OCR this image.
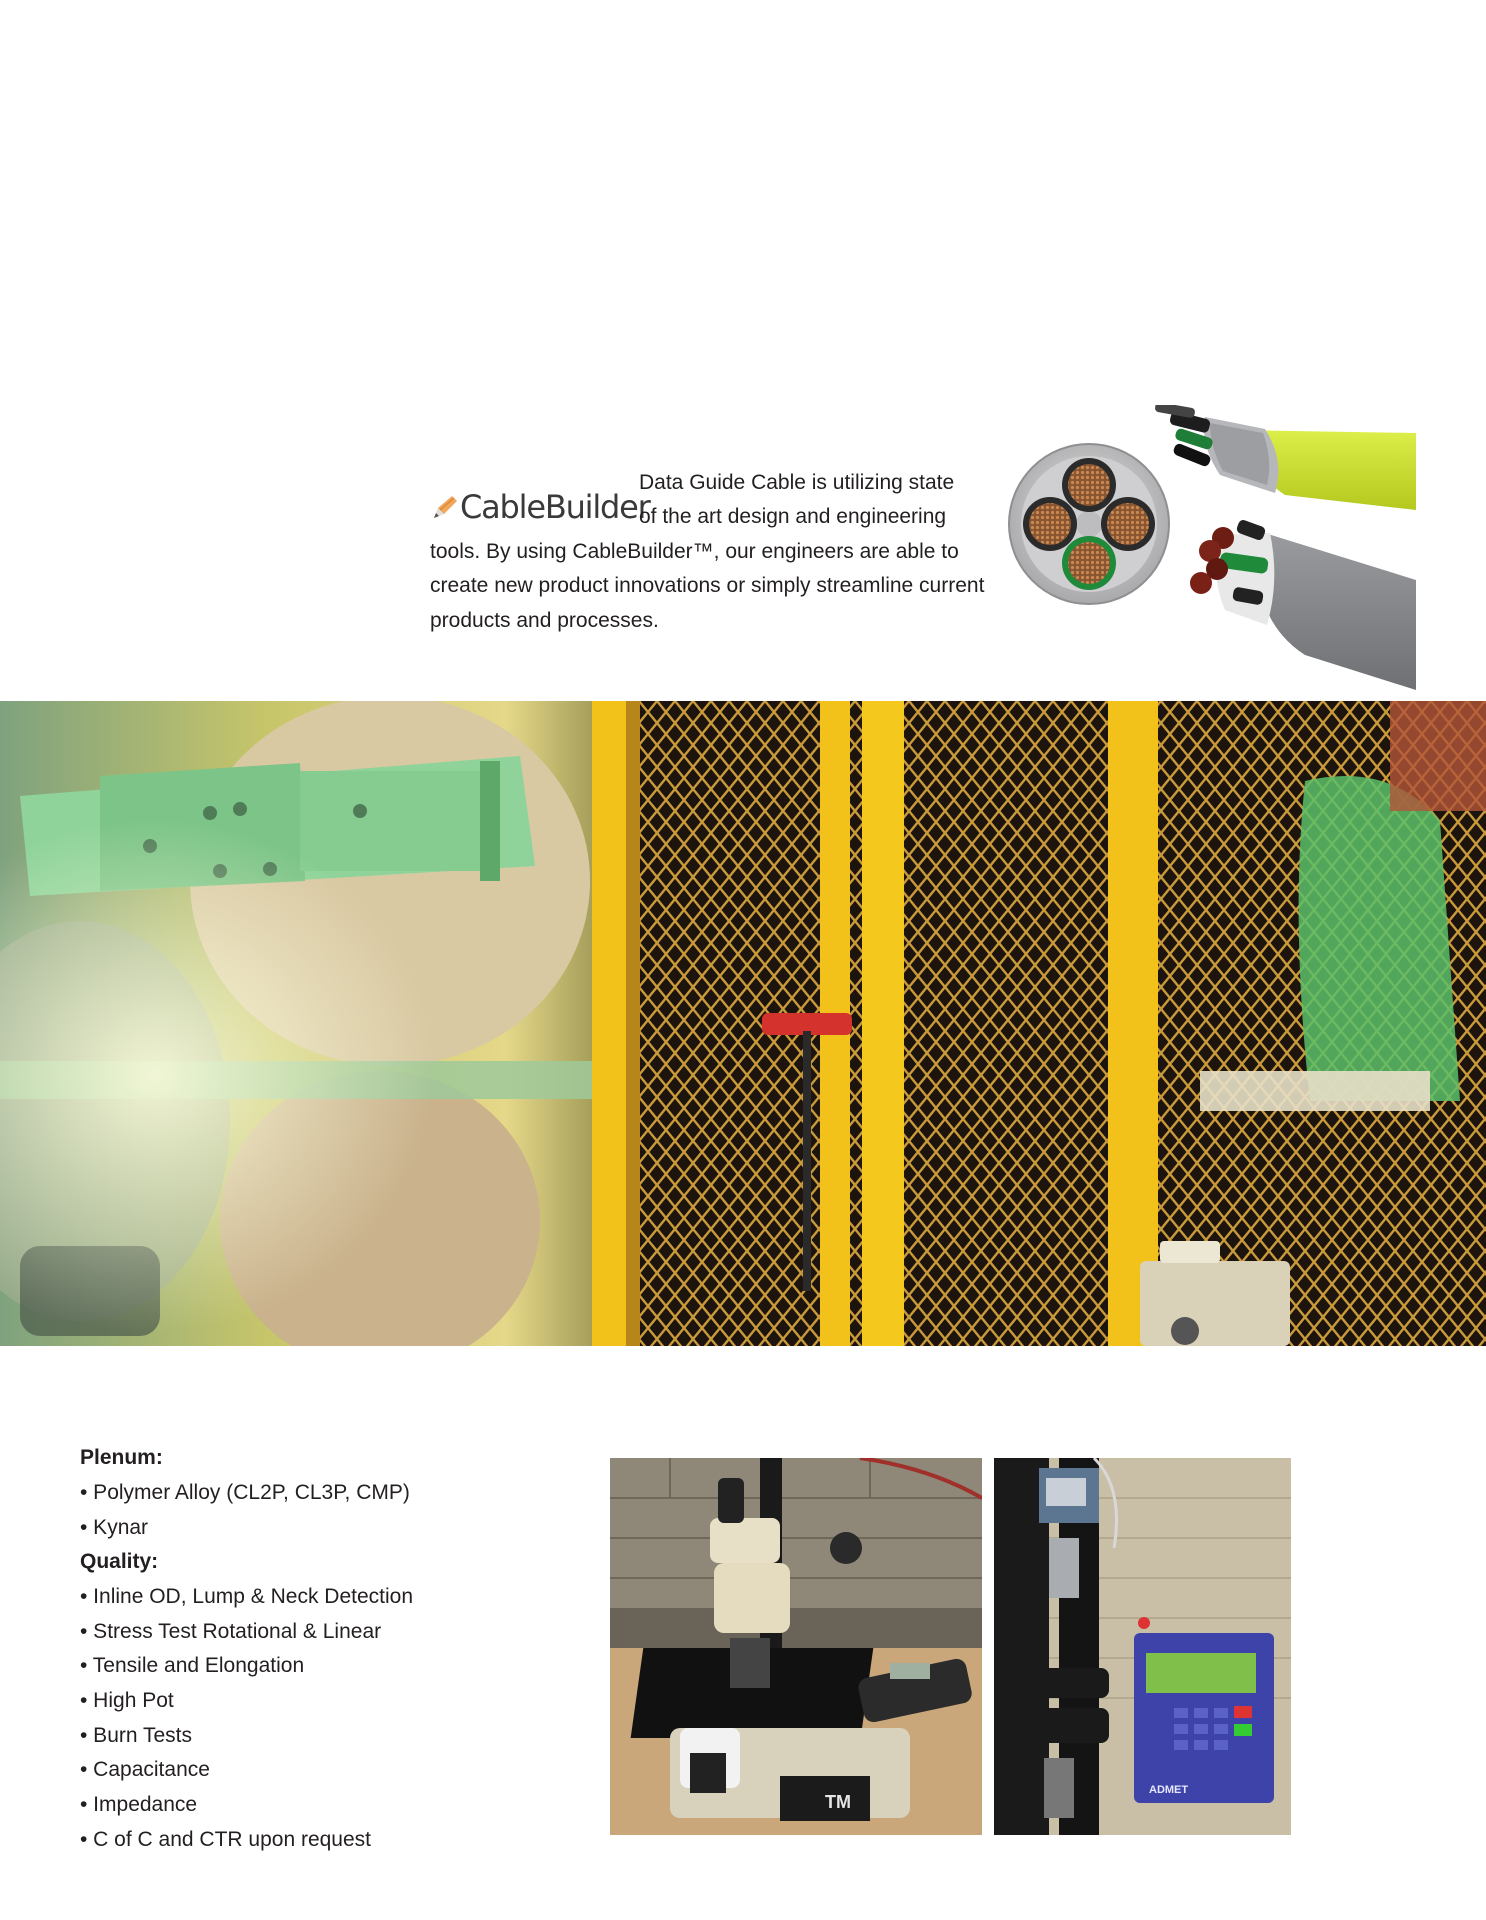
CableBuilder
Data Guide Cable is utilizing state
of the art design and engineering
tools. By using CableBuilder™, our engineers are able to
create new product innovations or simply streamline current
products and processes.
Plenum:
• Polymer Alloy (CL2P, CL3P, CMP)
• Kynar
Quality:
• Inline OD, Lump & Neck Detection
• Stress Test Rotational & Linear
• Tensile and Elongation
• High Pot
• Burn Tests
• Capacitance
• Impedance
• C of C and CTR upon request
TM
ADMET
